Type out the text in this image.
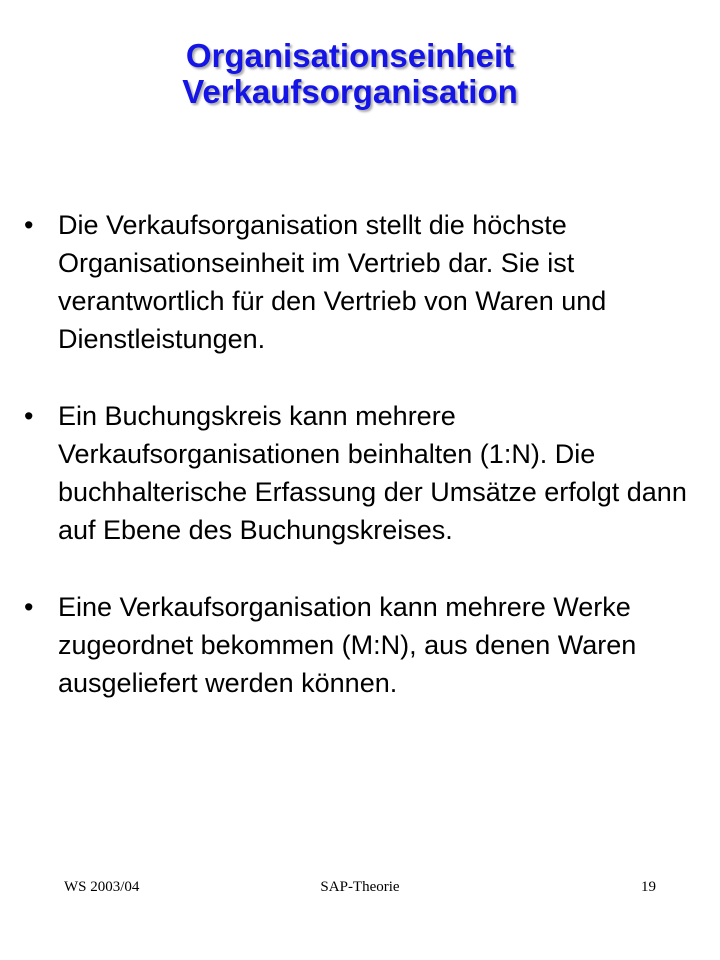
Organisationseinheit
Verkaufsorganisation
• Die Verkaufsorganisation stellt die höchste Organisationseinheit im Vertrieb dar. Sie ist verantwortlich für den Vertrieb von Waren und Dienstleistungen.
• Ein Buchungskreis kann mehrere Verkaufsorganisationen beinhalten (1:N). Die buchhalterische Erfassung der Umsätze erfolgt dann auf Ebene des Buchungskreises.
• Eine Verkaufsorganisation kann mehrere Werke zugeordnet bekommen (M:N), aus denen Waren ausgeliefert werden können.
WS 2003/04	SAP-Theorie	19
